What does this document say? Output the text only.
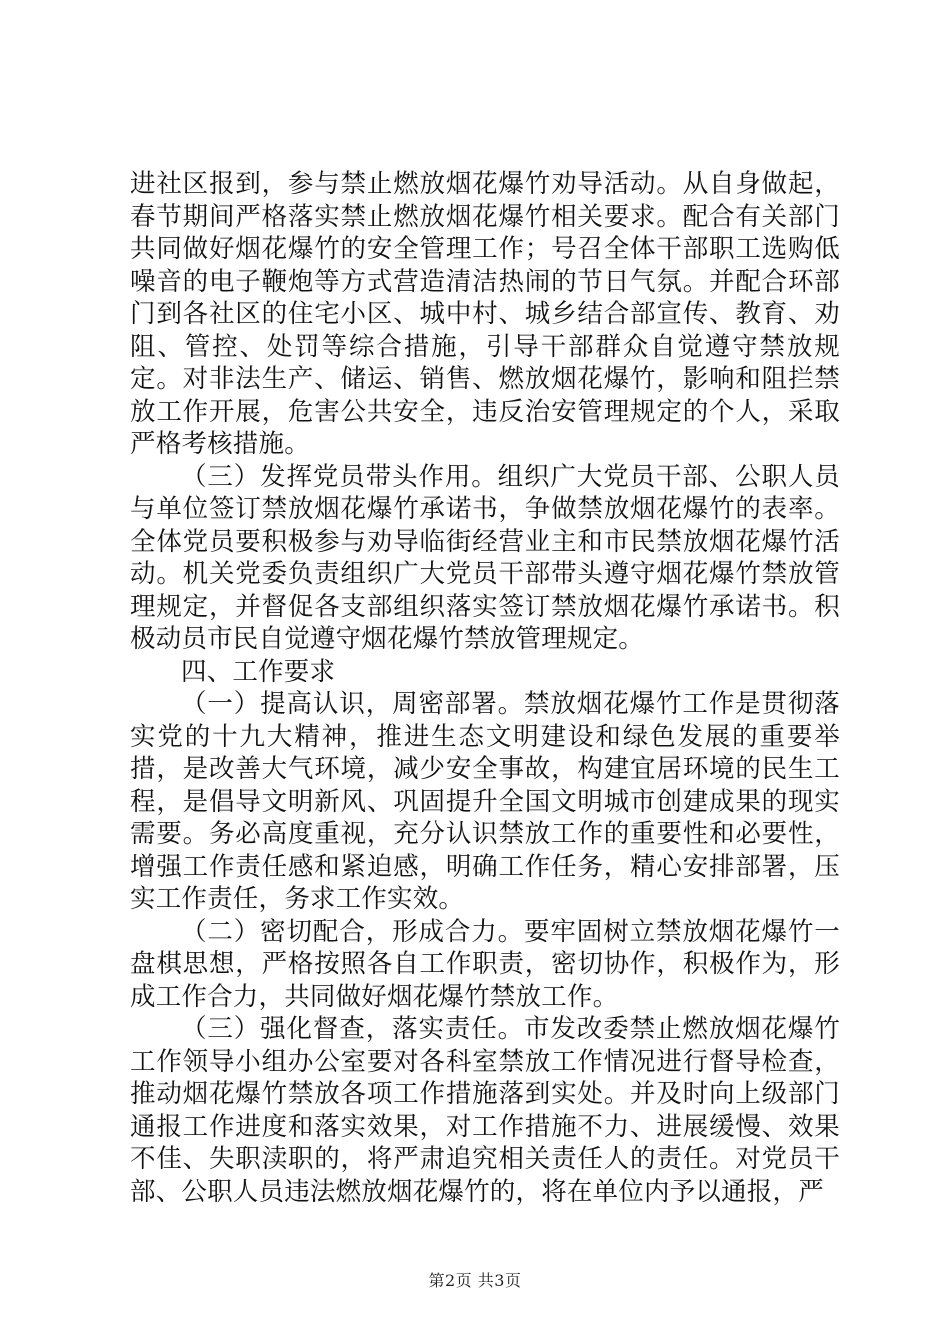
进社区报到，参与禁止燃放烟花爆竹劝导活动。从自身做起，春节期间严格落实禁止燃放烟花爆竹相关要求。配合有关部门共同做好烟花爆竹的安全管理工作；号召全体干部职工选购低噪音的电子鞭炮等方式营造清洁热闹的节日气氛。并配合环部门到各社区的住宅小区、城中村、城乡结合部宣传、教育、劝阻、管控、处罚等综合措施，引导干部群众自觉遵守禁放规定。对非法生产、储运、销售、燃放烟花爆竹，影响和阻拦禁放工作开展，危害公共安全，违反治安管理规定的个人，采取严格考核措施。

（三）发挥党员带头作用。组织广大党员干部、公职人员与单位签订禁放烟花爆竹承诺书，争做禁放烟花爆竹的表率。全体党员要积极参与劝导临街经营业主和市民禁放烟花爆竹活动。机关党委负责组织广大党员干部带头遵守烟花爆竹禁放管理规定，并督促各支部组织落实签订禁放烟花爆竹承诺书。积极动员市民自觉遵守烟花爆竹禁放管理规定。

四、工作要求

（一）提高认识，周密部署。禁放烟花爆竹工作是贯彻落实党的十九大精神，推进生态文明建设和绿色发展的重要举措，是改善大气环境，减少安全事故，构建宜居环境的民生工程，是倡导文明新风、巩固提升全国文明城市创建成果的现实需要。务必高度重视，充分认识禁放工作的重要性和必要性，增强工作责任感和紧迫感，明确工作任务，精心安排部署，压实工作责任，务求工作实效。

（二）密切配合，形成合力。要牢固树立禁放烟花爆竹一盘棋思想，严格按照各自工作职责，密切协作，积极作为，形成工作合力，共同做好烟花爆竹禁放工作。

（三）强化督查，落实责任。市发改委禁止燃放烟花爆竹工作领导小组办公室要对各科室禁放工作情况进行督导检查，推动烟花爆竹禁放各项工作措施落到实处。并及时向上级部门通报工作进度和落实效果，对工作措施不力、进展缓慢、效果不佳、失职渎职的，将严肃追究相关责任人的责任。对党员干部、公职人员违法燃放烟花爆竹的，将在单位内予以通报，严

第2页 共3页
